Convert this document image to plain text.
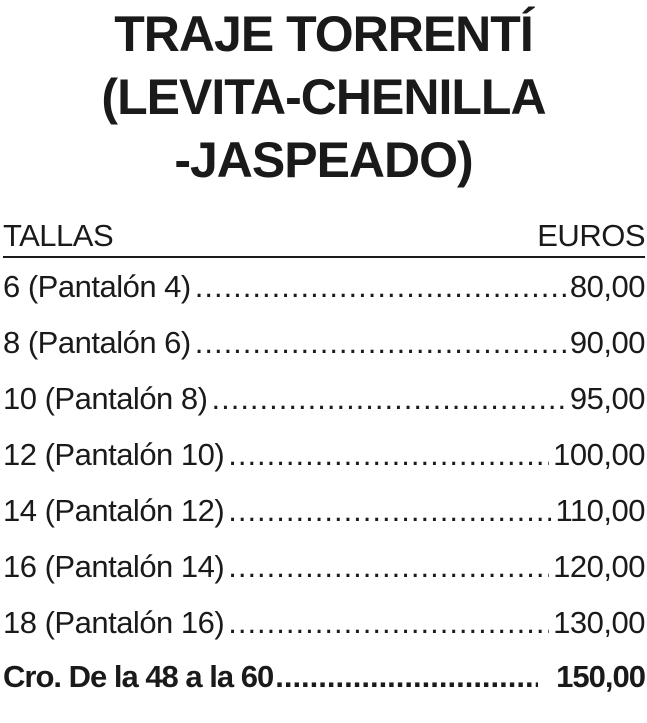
TRAJE TORRENTÍ
(LEVITA-CHENILLA
-JASPEADO)
TALLAS	EUROS
6 (Pantalón 4) .....	80,00
8 (Pantalón 6) .....	90,00
10 (Pantalón 8) .....	95,00
12 (Pantalón 10) .....	100,00
14 (Pantalón 12) .....	110,00
16 (Pantalón 14) .....	120,00
18 (Pantalón 16) .....	130,00
Cro. De la 48 a la 60 .....	150,00
